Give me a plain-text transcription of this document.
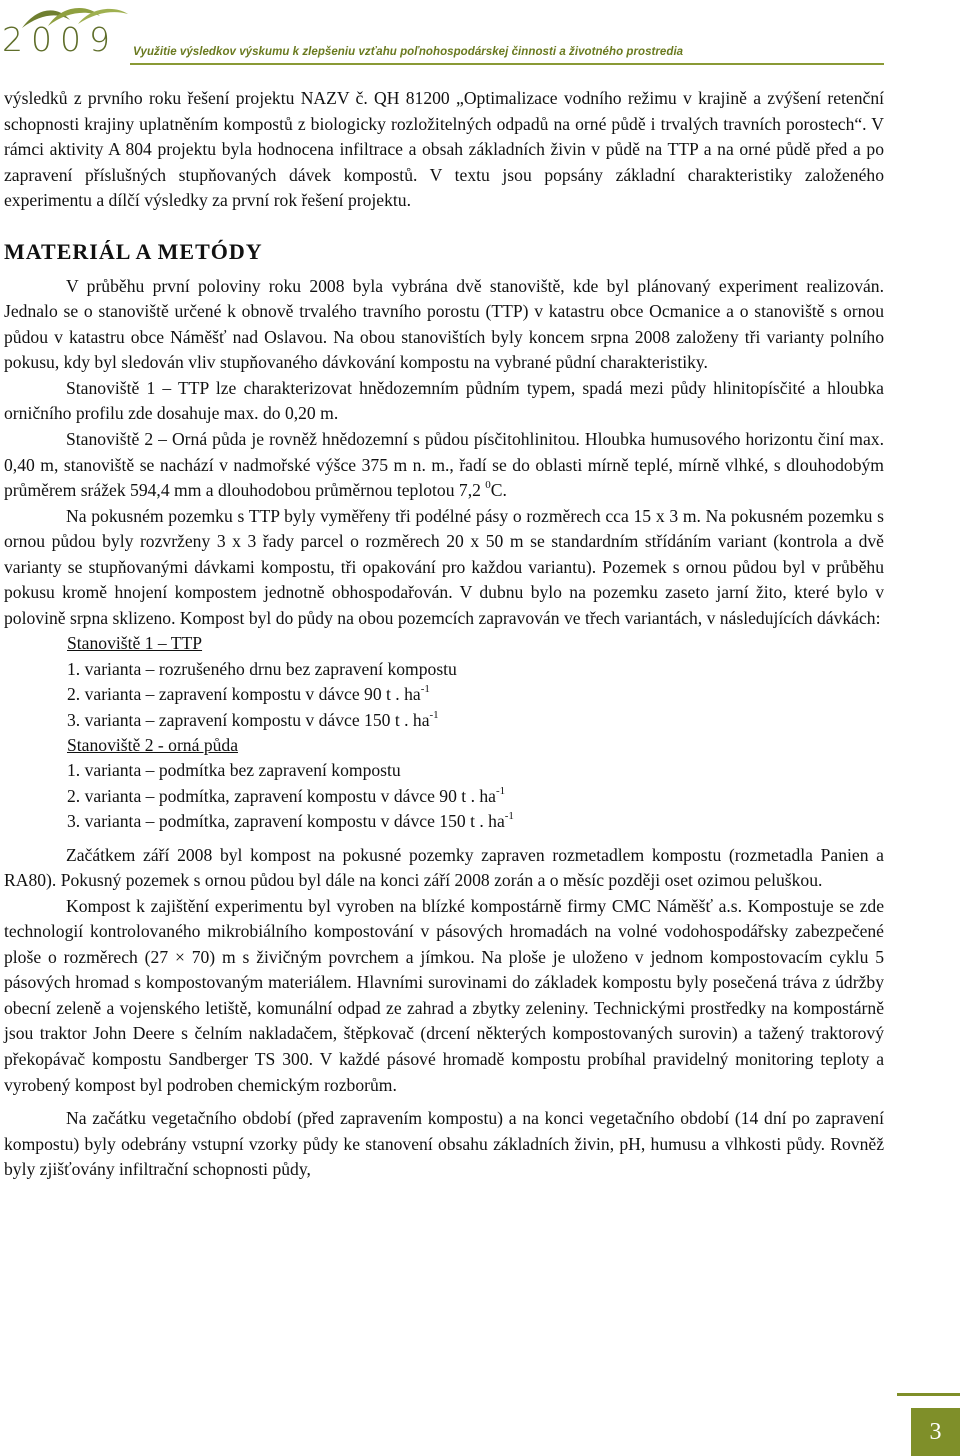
2009 Využitie výsledkov výskumu k zlepšeniu vzťahu poľnohospodárskej činnosti a životného prostredia

výsledků z prvního roku řešení projektu NAZV č. QH 81200 „Optimalizace vodního režimu v krajině a zvýšení retenční schopnosti krajiny uplatněním kompostů z biologicky rozložitelných odpadů na orné půdě i trvalých travních porostech“. V rámci aktivity A 804 projektu byla hodnocena infiltrace a obsah základních živin v půdě na TTP a na orné půdě před a po zapravení příslušných stupňovaných dávek kompostů. V textu jsou popsány základní charakteristiky založeného experimentu a dílčí výsledky za první rok řešení projektu.

MATERIÁL A METÓDY

V průběhu první poloviny roku 2008 byla vybrána dvě stanoviště, kde byl plánovaný experiment realizován. Jednalo se o stanoviště určené k obnově trvalého travního porostu (TTP) v katastru obce Ocmanice a o stanoviště s ornou půdou v katastru obce Náměšť nad Oslavou. Na obou stanovištích byly koncem srpna 2008 založeny tři varianty polního pokusu, kdy byl sledován vliv stupňovaného dávkování kompostu na vybrané půdní charakteristiky.

Stanoviště 1 – TTP lze charakterizovat hnědozemním půdním typem, spadá mezi půdy hlinitopísčité a hloubka orničního profilu zde dosahuje max. do 0,20 m.

Stanoviště 2 – Orná půda je rovněž hnědozemní s půdou písčitohlinitou. Hloubka humusového horizontu činí max. 0,40 m, stanoviště se nachází v nadmořské výšce 375 m n. m., řadí se do oblasti mírně teplé, mírně vlhké, s dlouhodobým průměrem srážek 594,4 mm a dlouhodobou průměrnou teplotou 7,2 $^0$C.

Na pokusném pozemku s TTP byly vyměřeny tři podélné pásy o rozměrech cca 15 x 3 m. Na pokusném pozemku s ornou půdou byly rozvrženy 3 x 3 řady parcel o rozměrech 20 x 50 m se standardním střídáním variant (kontrola a dvě varianty se stupňovanými dávkami kompostu, tři opakování pro každou variantu). Pozemek s ornou půdou byl v průběhu pokusu kromě hnojení kompostem jednotně obhospodařován. V dubnu bylo na pozemku zaseto jarní žito, které bylo v polovině srpna sklizeno. Kompost byl do půdy na obou pozemcích zapravován ve třech variantách, v následujících dávkách:

Stanoviště 1 – TTP
1. varianta – rozrušeného drnu bez zapravení kompostu
2. varianta – zapravení kompostu v dávce 90 t . $ha^{-1}$
3. varianta – zapravení kompostu v dávce 150 t . $ha^{-1}$
Stanoviště 2 - orná půda
1. varianta – podmítka bez zapravení kompostu
2. varianta – podmítka, zapravení kompostu v dávce 90 t . $ha^{-1}$
3. varianta – podmítka, zapravení kompostu v dávce 150 t . $ha^{-1}$

Začátkem září 2008 byl kompost na pokusné pozemky zapraven rozmetadlem kompostu (rozmetadla Panien a RA80). Pokusný pozemek s ornou půdou byl dále na konci září 2008 zorán a o měsíc později oset ozimou peluškou.

Kompost k zajištění experimentu byl vyroben na blízké kompostárně firmy CMC Náměšť a.s. Kompostuje se zde technologií kontrolovaného mikrobiálního kompostování v pásových hromadách na volné vodohospodářsky zabezpečené ploše o rozměrech (27 × 70) m s živičným povrchem a jímkou. Na ploše je uloženo v jednom kompostovacím cyklu 5 pásových hromad s kompostovaným materiálem. Hlavními surovinami do základek kompostu byly posečená tráva z údržby obecní zeleně a vojenského letiště, komunální odpad ze zahrad a zbytky zeleniny. Technickými prostředky na kompostárně jsou traktor John Deere s čelním nakladačem, štěpkovač (drcení některých kompostovaných surovin) a tažený traktorový překopávač kompostu Sandberger TS 300. V každé pásové hromadě kompostu probíhal pravidelný monitoring teploty a vyrobený kompost byl podroben chemickým rozborům.

Na začátku vegetačního období (před zapravením kompostu) a na konci vegetačního období (14 dní po zapravení kompostu) byly odebrány vstupní vzorky půdy ke stanovení obsahu základních živin, pH, humusu a vlhkosti půdy. Rovněž byly zjišťovány infiltrační schopnosti půdy,

3
